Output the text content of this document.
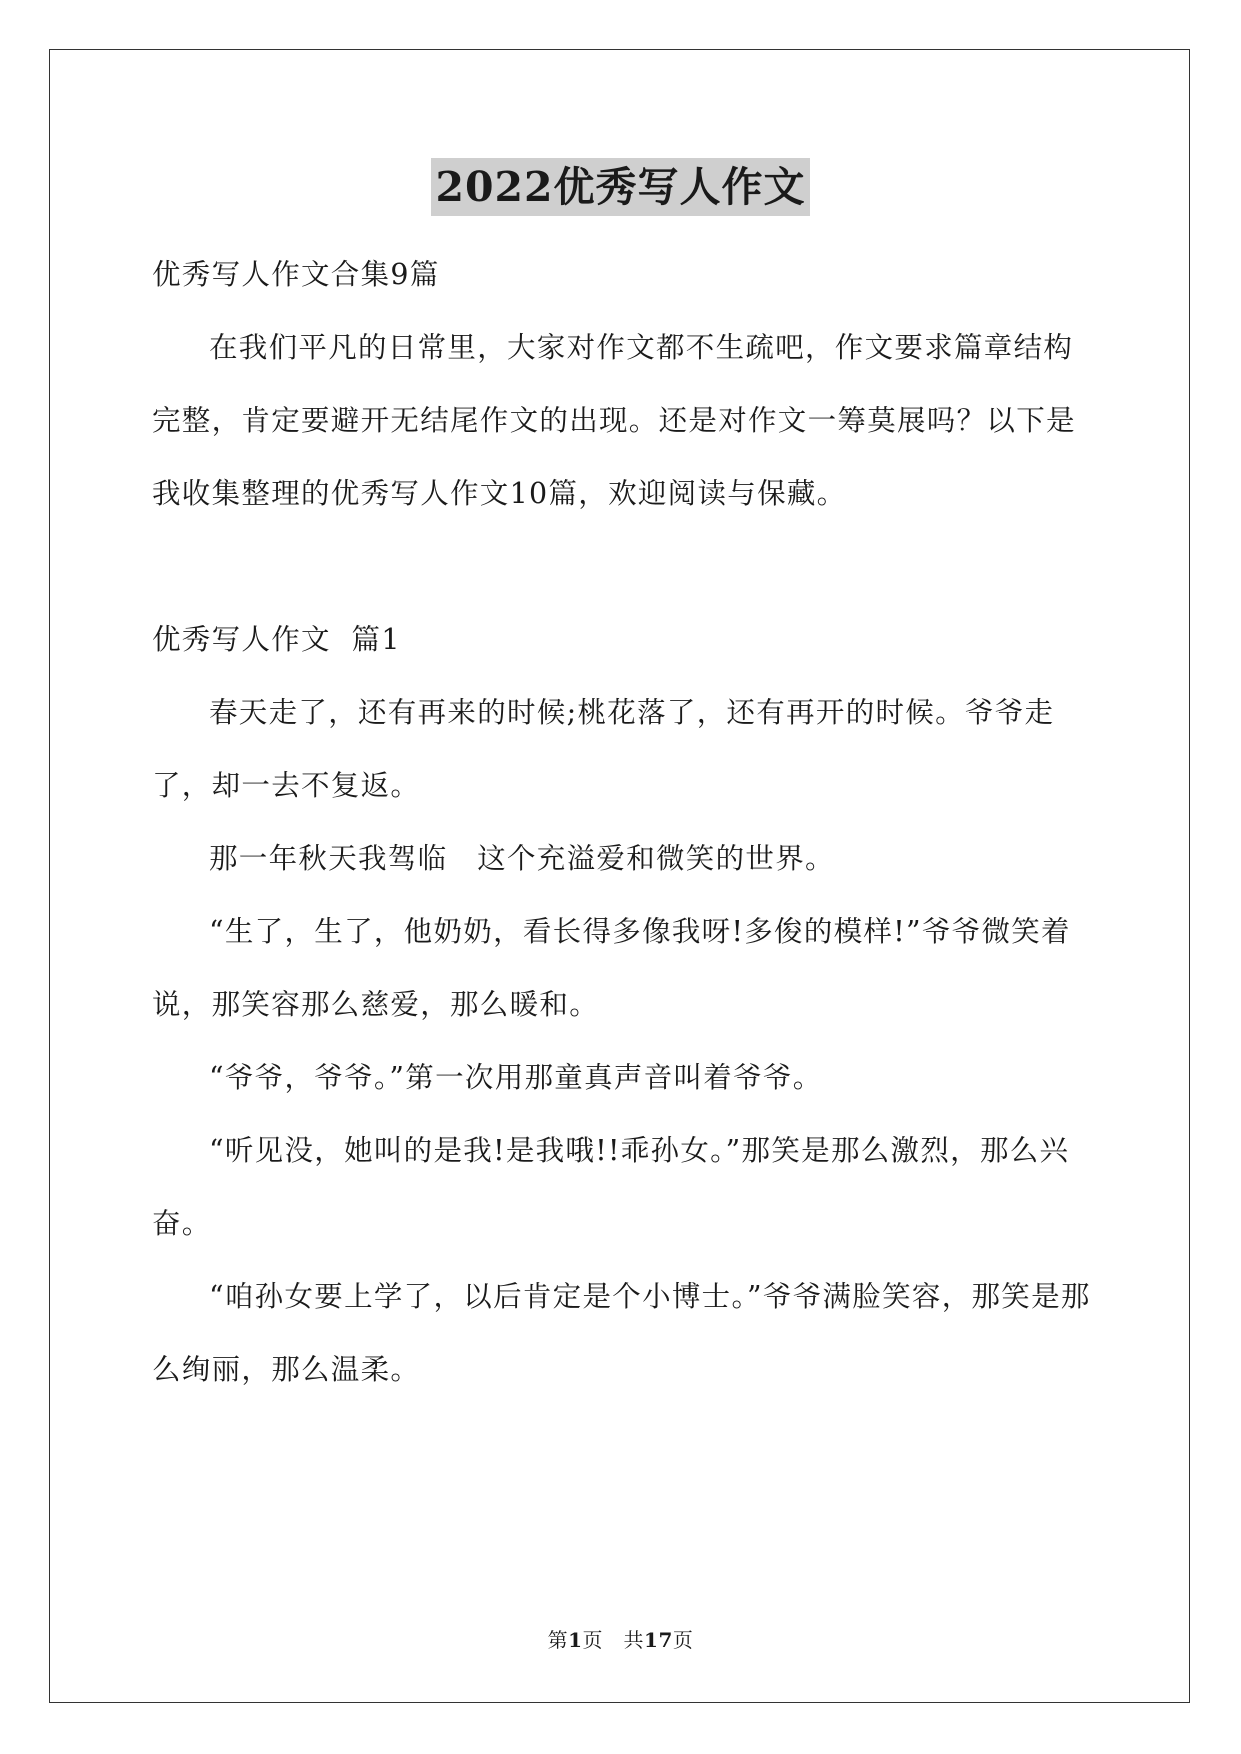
2022优秀写人作文

优秀写人作文合集9篇

在我们平凡的日常里，大家对作文都不生疏吧，作文要求篇章结构完整，肯定要避开无结尾作文的出现。还是对作文一筹莫展吗？以下是我收集整理的优秀写人作文10篇，欢迎阅读与保藏。

优秀写人作文  篇1

春天走了，还有再来的时候;桃花落了，还有再开的时候。爷爷走了，却一去不复返。

那一年秋天我驾临　这个充溢爱和微笑的世界。

“生了，生了，他奶奶，看长得多像我呀!多俊的模样!”爷爷微笑着说，那笑容那么慈爱，那么暖和。

“爷爷，爷爷。”第一次用那童真声音叫着爷爷。

“听见没，她叫的是我!是我哦!!乖孙女。”那笑是那么激烈，那么兴奋。

“咱孙女要上学了，以后肯定是个小博士。”爷爷满脸笑容，那笑是那么绚丽，那么温柔。

第1页　共17页
